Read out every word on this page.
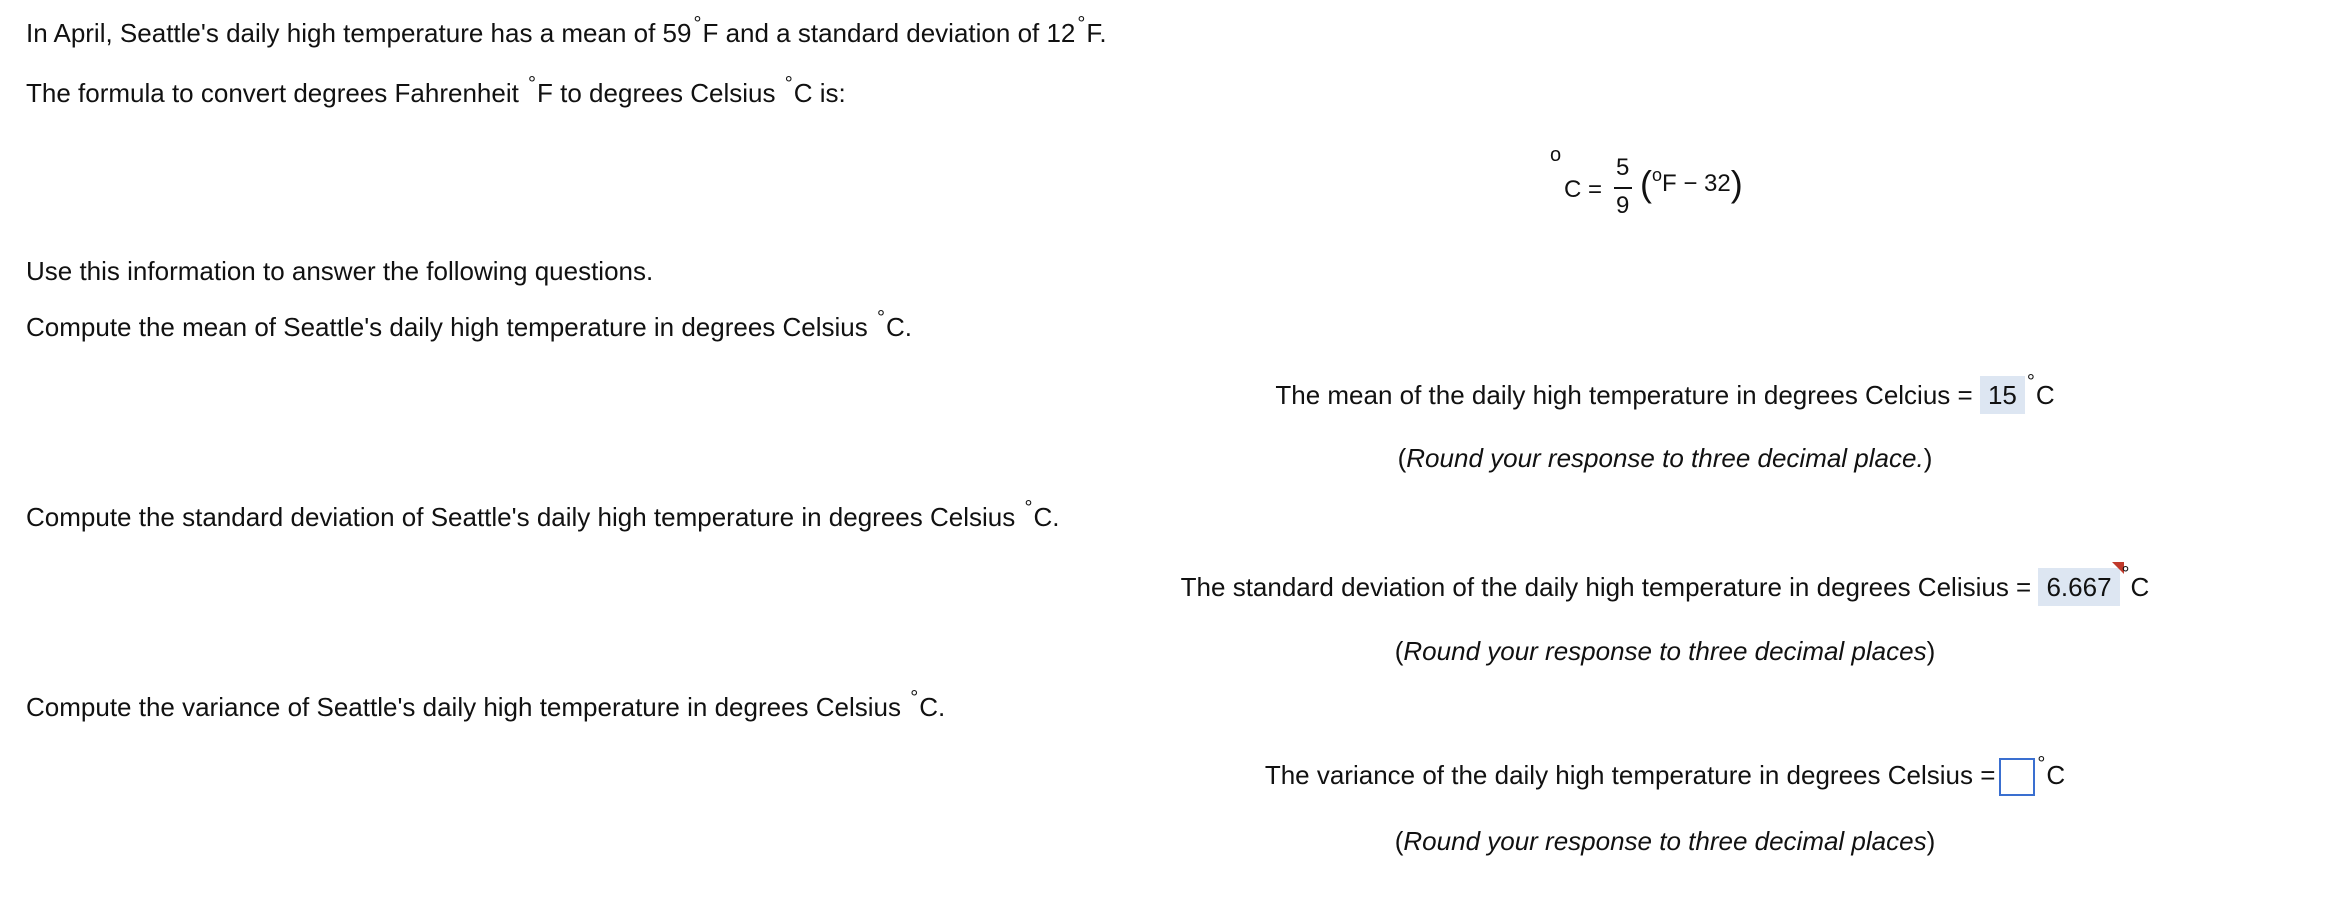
In April, Seattle's daily high temperature has a mean of 59 °F and a standard deviation of 12 °F.
The formula to convert degrees Fahrenheit °F to degrees Celsius °C is:
o
C =
5
9
($^o$F − 32)
Use this information to answer the following questions.
Compute the mean of Seattle's daily high temperature in degrees Celsius °C.
The mean of the daily high temperature in degrees Celcius = 15 °C
(Round your response to three decimal place.)
Compute the standard deviation of Seattle's daily high temperature in degrees Celsius °C.
The standard deviation of the daily high temperature in degrees Celisius = 6.667 °C
(Round your response to three decimal places)
Compute the variance of Seattle's daily high temperature in degrees Celsius °C.
The variance of the daily high temperature in degrees Celsius = °C
(Round your response to three decimal places)
